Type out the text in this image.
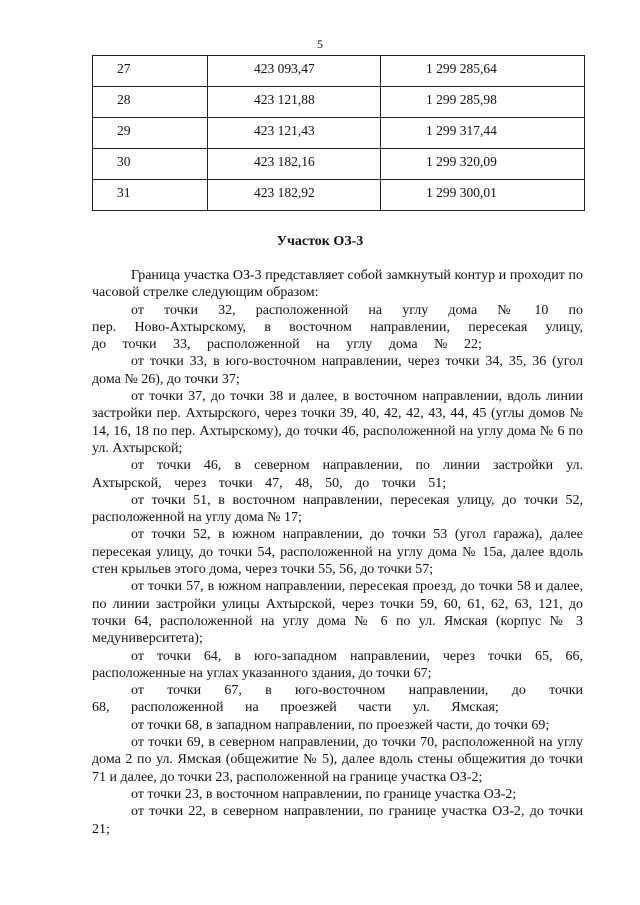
5
27	423 093,47	1 299 285,64
28	423 121,88	1 299 285,98
29	423 121,43	1 299 317,44
30	423 182,16	1 299 320,09
31	423 182,92	1 299 300,01
Участок ОЗ-3

Граница участка ОЗ-3 представляет собой замкнутый контур и проходит по часовой стрелке следующим образом:

от точки 32, расположенной на углу дома № 10 по пер. Ново-Ахтырскому, в восточном направлении, пересекая улицу, до точки 33, расположенной на углу дома № 22;

от точки 33, в юго-восточном направлении, через точки 34, 35, 36 (угол дома № 26), до точки 37;

от точки 37, до точки 38 и далее, в восточном направлении, вдоль линии застройки пер. Ахтырского, через точки 39, 40, 42, 42, 43, 44, 45 (углы домов № 14, 16, 18 по пер. Ахтырскому), до точки 46, расположенной на углу дома № 6 по ул. Ахтырской;

от точки 46, в северном направлении, по линии застройки ул. Ахтырской, через точки 47, 48, 50, до точки 51;

от точки 51, в восточном направлении, пересекая улицу, до точки 52, расположенной на углу дома № 17;

от точки 52, в южном направлении, до точки 53 (угол гаража), далее пересекая улицу, до точки 54, расположенной на углу дома № 15а, далее вдоль стен крыльев этого дома, через точки 55, 56, до точки 57;

от точки 57, в южном направлении, пересекая проезд, до точки 58 и далее, по линии застройки улицы Ахтырской, через точки 59, 60, 61, 62, 63, 121, до точки 64, расположенной на углу дома № 6 по ул. Ямская (корпус № 3 медуниверситета);

от точки 64, в юго-западном направлении, через точки 65, 66, расположенные на углах указанного здания, до точки 67;

от точки 67, в юго-восточном направлении, до точки 68, расположенной на проезжей части ул. Ямская;

от точки 68, в западном направлении, по проезжей части, до точки 69;

от точки 69, в северном направлении, до точки 70, расположенной на углу дома 2 по ул. Ямская (общежитие № 5), далее вдоль стены общежития до точки 71 и далее, до точки 23, расположенной на границе участка ОЗ-2;

от точки 23, в восточном направлении, по границе участка ОЗ-2;

от точки 22, в северном направлении, по границе участка ОЗ-2, до точки 21;
